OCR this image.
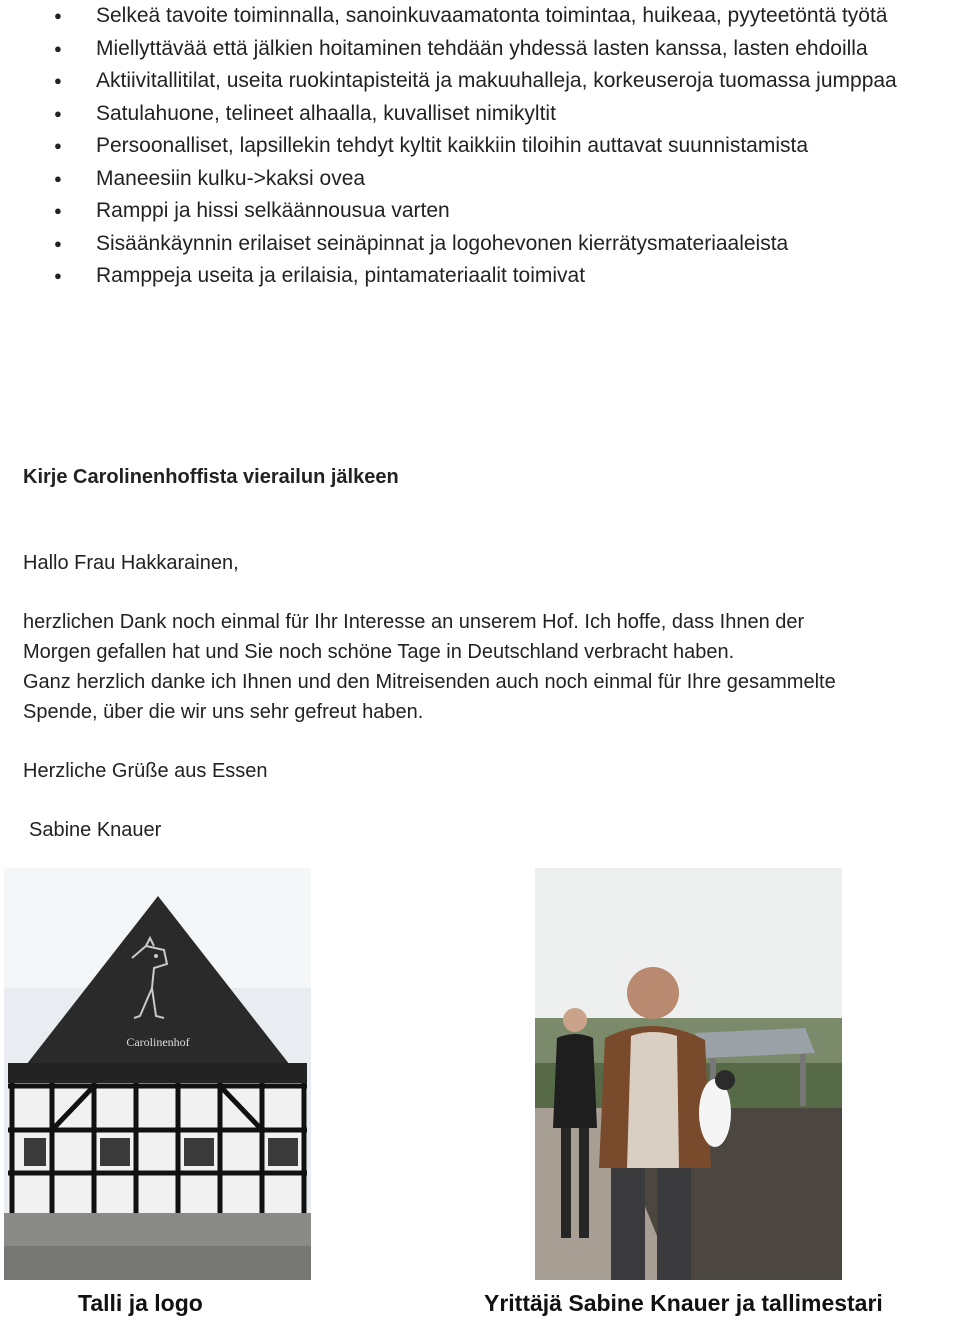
● Selkeä tavoite toiminnalla, sanoinkuvaamatonta toimintaa, huikeaa, pyyteetöntä työtä
● Miellyttävää että jälkien hoitaminen tehdään yhdessä lasten kanssa, lasten ehdoilla
● Aktiivitallitilat, useita ruokintapisteitä ja makuuhalleja, korkeuseroja tuomassa jumppaa
● Satulahuone, telineet alhaalla, kuvalliset nimikyltit
● Persoonalliset, lapsillekin tehdyt kyltit kaikkiin tiloihin auttavat suunnistamista
● Maneesiin kulku->kaksi ovea
● Ramppi ja hissi selkäännousua varten
● Sisäänkäynnin erilaiset seinäpinnat ja logohevonen kierrätysmateriaaleista
● Ramppeja useita ja erilaisia, pintamateriaalit toimivat
Kirje Carolinenhoffista vierailun jälkeen
Hallo Frau Hakkarainen,
herzlichen Dank noch einmal für Ihr Interesse an unserem Hof. Ich hoffe, dass Ihnen der
Morgen gefallen hat und Sie noch schöne Tage in Deutschland verbracht haben.
Ganz herzlich danke ich Ihnen und den Mitreisenden auch noch einmal für Ihre gesammelte
Spende, über die wir uns sehr gefreut haben.
Herzliche Grüße aus Essen
Sabine Knauer
Carolinenhof
Talli ja logo	Yrittäjä Sabine Knauer ja tallimestari
